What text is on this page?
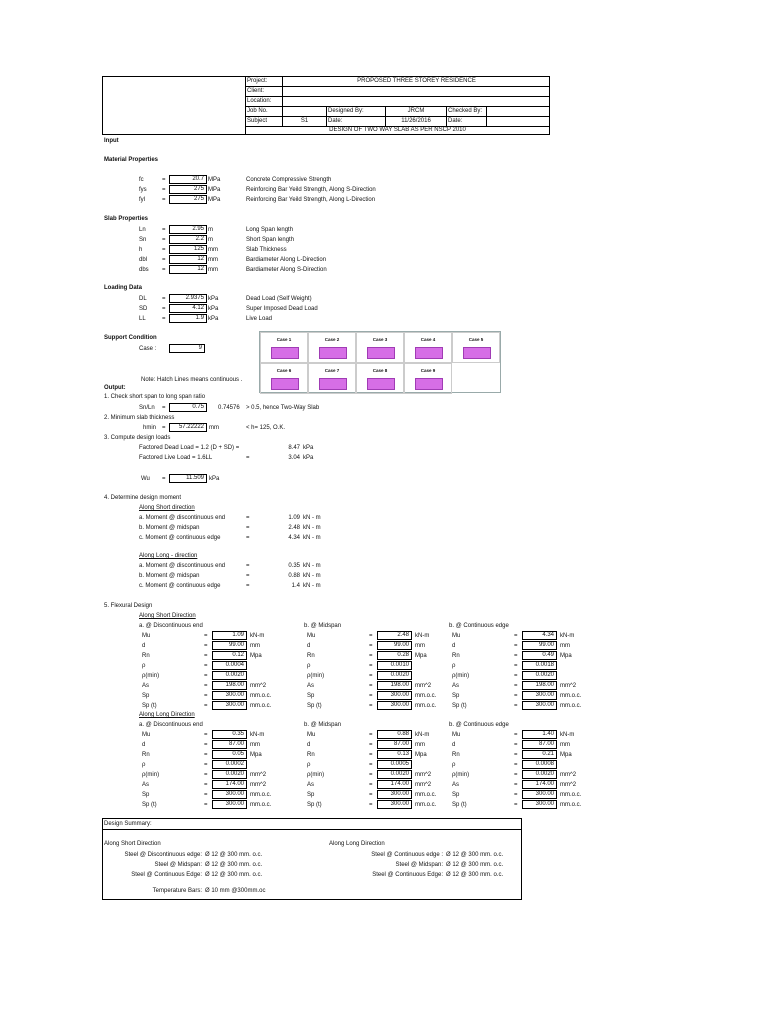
Project:	PROPOSED THREE STOREY RESIDENCE
Client:
Location:
Job No.	Designed By:	JRCM	Checked By:
Subject	S1	Date:	11/26/2016	Date:
DESIGN OF TWO WAY SLAB AS PER NSCP 2010
Input
Material Properties
Slab Properties
Loading Data
Support Condition
Case :	9
Note: Hatch Lines means continuous .
Case 1	Case 2	Case 3	Case 4	Case 5
Case 6	Case 7	Case 8	Case 9
Output:
1. Check short span to long span ratio
Sn/Ln =	0.75	0.74576 > 0.5, hence Two-Way Slab
2. Minimum slab thickness
hmin =	57.22222 mm	< h= 125, O.K.
3. Compute design loads
Factored Dead Load = 1.2 (D + SD) =	8.47 kPa
Factored Live Load = 1.6LL	=	3.04 kPa
Wu =	11.509 kPa
4. Determine design moment
Along Short direction
Along Long - direction
5. Flexural Design
Along Short Direction
Along Long Direction
Design Summary:
Along Short Direction	Along Long Direction
Temperature Bars: Ø 10 mm @300mm.oc
fc	=	20.7 MPa	Concrete Compressive Strength
fys	=	275 MPa	Reinforcing Bar Yeild Strength, Along S-Direction
fyl	=	275 MPa	Reinforcing Bar Yeild Strength, Along L-Direction
Ln	=	2.95 m	Long Span length
Sn	=	2.2 m	Short Span length
h	=	125 mm	Slab Thickness
dbl =	12 mm	Bardiameter Along L-Direction
dbs =	12 mm	Bardiameter Along S-Direction
DL	=	2.9375 kPa	Dead Load (Self Weight)
SD =	4.12 kPa	Super Imposed Dead Load
LL	=	1.9 kPa	Live Load
a. Moment @ discontinuous end	=	1.09 kN - m
b. Moment @ midspan	=	2.48 kN - m
c. Moment @ continuous edge	=	4.34 kN - m
a. Moment @ discontinuous end	=	0.35 kN - m
b. Moment @ midspan	=	0.88 kN - m
c. Moment @ continuous edge	=	1.4 kN - m
a. @ Discontinuous end
Mu	=	1.09	kN-m
d	=	99.00	mm
Rn	=	0.12	Mpa
ρ	=	0.0004
ρ(min)	=	0.0020
As	=	198.00	mm^2
Sp	=	300.00	mm.o.c.
Sp (t)	=	300.00	mm.o.c.
b. @ Midspan
Mu	=	2.48	kN-m
d	=	99.00	mm
Rn	=	0.28	Mpa
ρ	=	0.0010
ρ(min)	=	0.0020
As	=	198.00	mm^2
Sp	=	300.00	mm.o.c.
Sp (t)	=	300.00	mm.o.c.
b. @ Continuous edge
Mu	=	4.34	kN-m
d	=	99.00	mm
Rn	=	0.49	Mpa
ρ	=	0.0018
ρ(min)	=	0.0020
As	=	198.00	mm^2
Sp	=	300.00	mm.o.c.
Sp (t)	=	300.00	mm.o.c.
a. @ Discontinuous end
Mu	=	0.35	kN-m
d	=	87.00	mm
Rn	=	0.05	Mpa
ρ	=	0.0002
ρ(min)	=	0.0020	mm^2
As	=	174.00	mm^2
Sp	=	300.00	mm.o.c.
Sp (t)	=	300.00	mm.o.c.
b. @ Midspan
Mu	=	0.88	kN-m
d	=	87.00	mm
Rn	=	0.13	Mpa
ρ	=	0.0005
ρ(min)	=	0.0020	mm^2
As	=	174.00	mm^2
Sp	=	300.00	mm.o.c.
Sp (t)	=	300.00	mm.o.c.
b. @ Continuous edge
Mu	=	1.40	kN-m
d	=	87.00	mm
Rn	=	0.21	Mpa
ρ	=	0.0008
ρ(min)	=	0.0020	mm^2
As	=	174.00	mm^2
Sp	=	300.00	mm.o.c.
Sp (t)	=	300.00	mm.o.c.
Steel @ Discontinuous edge: Ø 12 @ 300 mm. o.c.
Steel @ Midspan: Ø 12 @ 300 mm. o.c.
Steel @ Continuous Edge: Ø 12 @ 300 mm. o.c.
Steel @ Continuous edge : Ø 12 @ 300 mm. o.c.
Steel @ Midspan: Ø 12 @ 300 mm. o.c.
Steel @ Continuous Edge: Ø 12 @ 300 mm. o.c.
